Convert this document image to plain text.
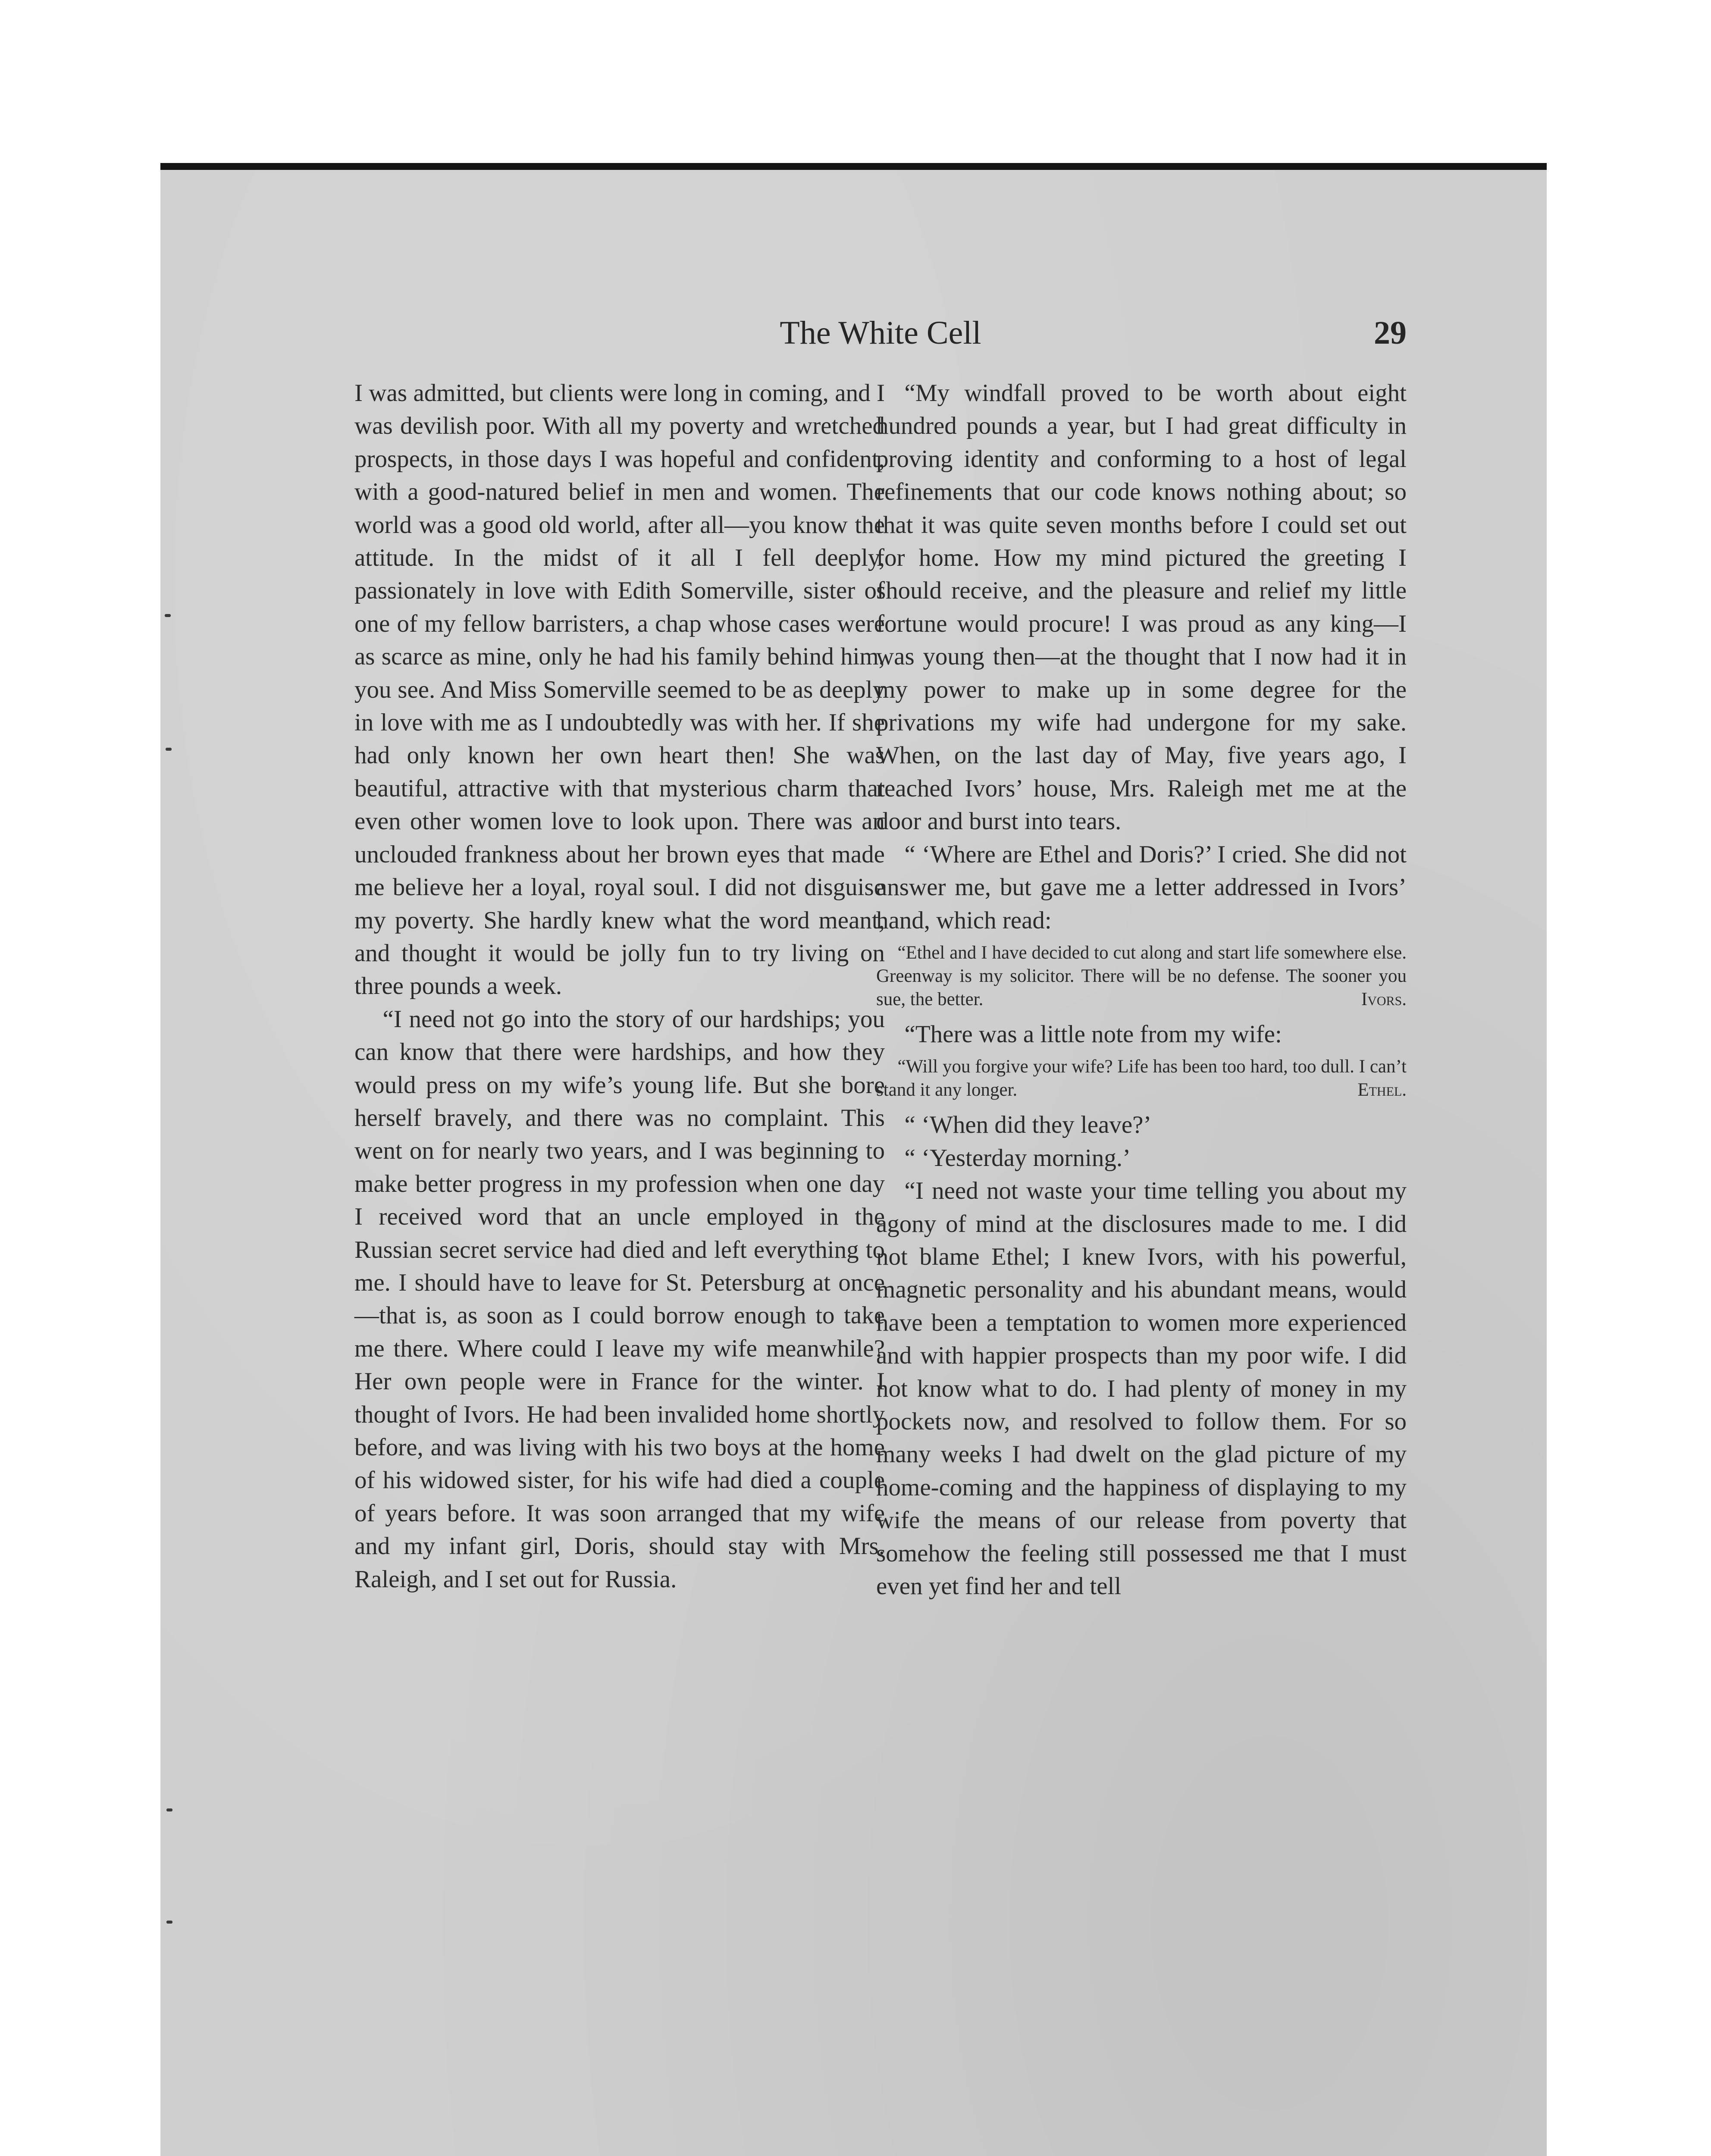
The White Cell	29

I was admitted, but clients were long in coming, and I was devilish poor. With all my poverty and wretched prospects, in those days I was hopeful and confident, with a good-natured belief in men and women. The world was a good old world, after all—you know the attitude. In the midst of it all I fell deeply, passionately in love with Edith Somerville, sister of one of my fellow barristers, a chap whose cases were as scarce as mine, only he had his family behind him, you see. And Miss Somerville seemed to be as deeply in love with me as I undoubtedly was with her. If she had only known her own heart then! She was beautiful, attractive with that mysterious charm that even other women love to look upon. There was an unclouded frankness about her brown eyes that made me believe her a loyal, royal soul. I did not disguise my poverty. She hardly knew what the word meant, and thought it would be jolly fun to try living on three pounds a week.

“I need not go into the story of our hardships; you can know that there were hardships, and how they would press on my wife’s young life. But she bore herself bravely, and there was no complaint. This went on for nearly two years, and I was beginning to make better progress in my profession when one day I received word that an uncle employed in the Russian secret service had died and left everything to me. I should have to leave for St. Petersburg at once—that is, as soon as I could borrow enough to take me there. Where could I leave my wife meanwhile? Her own people were in France for the winter. I thought of Ivors. He had been invalided home shortly before, and was living with his two boys at the home of his widowed sister, for his wife had died a couple of years before. It was soon arranged that my wife and my infant girl, Doris, should stay with Mrs. Raleigh, and I set out for Russia.

“My windfall proved to be worth about eight hundred pounds a year, but I had great difficulty in proving identity and conforming to a host of legal refinements that our code knows nothing about; so that it was quite seven months before I could set out for home. How my mind pictured the greeting I should receive, and the pleasure and relief my little fortune would procure! I was proud as any king—I was young then—at the thought that I now had it in my power to make up in some degree for the privations my wife had undergone for my sake. When, on the last day of May, five years ago, I reached Ivors’ house, Mrs. Raleigh met me at the door and burst into tears.

“ ‘Where are Ethel and Doris?’ I cried. She did not answer me, but gave me a letter addressed in Ivors’ hand, which read:

“Ethel and I have decided to cut along and start life somewhere else. Greenway is my solicitor. There will be no defense. The sooner you sue, the better.	Ivors.

“There was a little note from my wife:

“Will you forgive your wife? Life has been too hard, too dull. I can’t stand it any longer.	Ethel.

“ ‘When did they leave?’

“ ‘Yesterday morning.’

“I need not waste your time telling you about my agony of mind at the disclosures made to me. I did not blame Ethel; I knew Ivors, with his powerful, magnetic personality and his abundant means, would have been a temptation to women more experienced and with happier prospects than my poor wife. I did not know what to do. I had plenty of money in my pockets now, and resolved to follow them. For so many weeks I had dwelt on the glad picture of my home-coming and the happiness of displaying to my wife the means of our release from poverty that somehow the feeling still possessed me that I must even yet find her and tell
